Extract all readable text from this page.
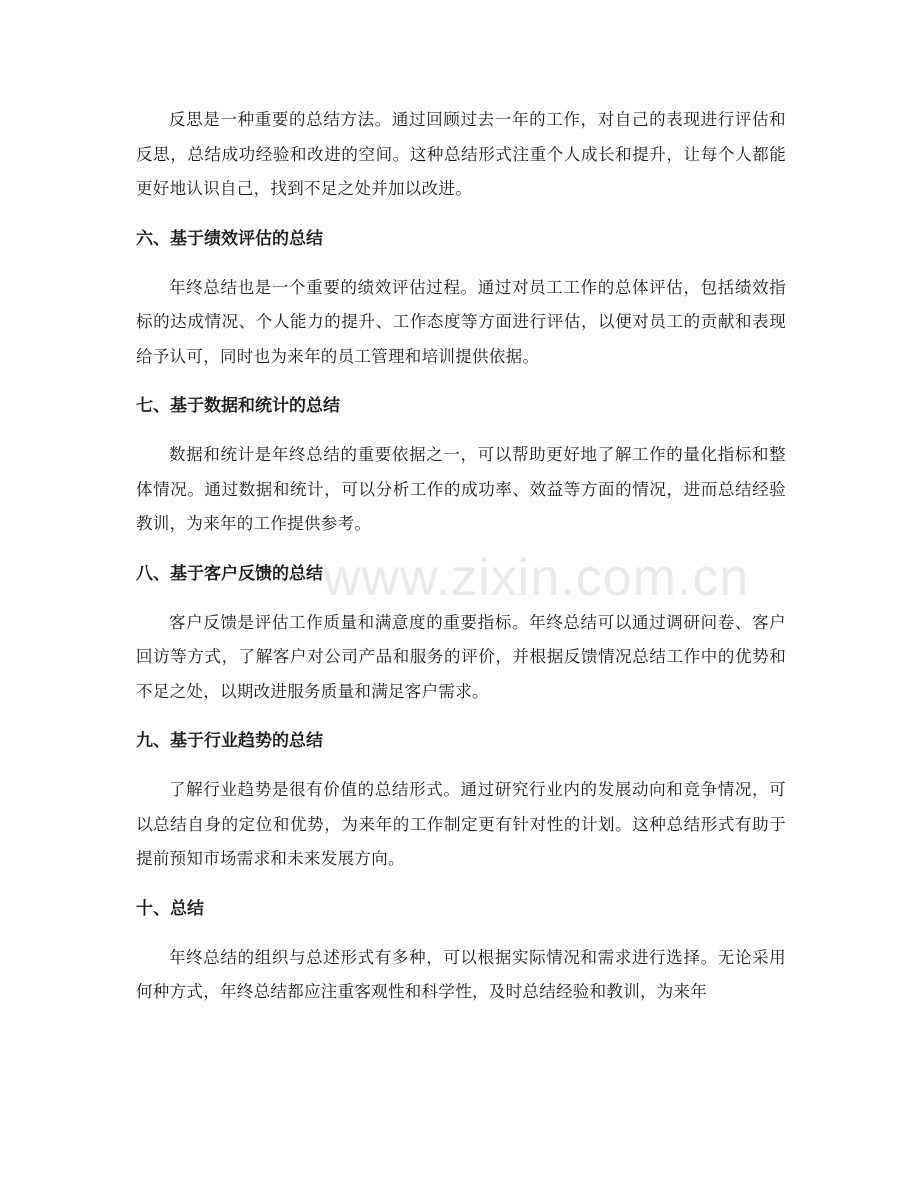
反思是一种重要的总结方法。通过回顾过去一年的工作，对自己的表现进行评估和反思，总结成功经验和改进的空间。这种总结形式注重个人成长和提升，让每个人都能更好地认识自己，找到不足之处并加以改进。

六、基于绩效评估的总结

年终总结也是一个重要的绩效评估过程。通过对员工工作的总体评估，包括绩效指标的达成情况、个人能力的提升、工作态度等方面进行评估，以便对员工的贡献和表现给予认可，同时也为来年的员工管理和培训提供依据。

七、基于数据和统计的总结

数据和统计是年终总结的重要依据之一，可以帮助更好地了解工作的量化指标和整体情况。通过数据和统计，可以分析工作的成功率、效益等方面的情况，进而总结经验教训，为来年的工作提供参考。

八、基于客户反馈的总结

客户反馈是评估工作质量和满意度的重要指标。年终总结可以通过调研问卷、客户回访等方式，了解客户对公司产品和服务的评价，并根据反馈情况总结工作中的优势和不足之处，以期改进服务质量和满足客户需求。

九、基于行业趋势的总结

了解行业趋势是很有价值的总结形式。通过研究行业内的发展动向和竞争情况，可以总结自身的定位和优势，为来年的工作制定更有针对性的计划。这种总结形式有助于提前预知市场需求和未来发展方向。

十、总结

年终总结的组织与总述形式有多种，可以根据实际情况和需求进行选择。无论采用何种方式，年终总结都应注重客观性和科学性，及时总结经验和教训，为来年

www.zixin.com.cn
